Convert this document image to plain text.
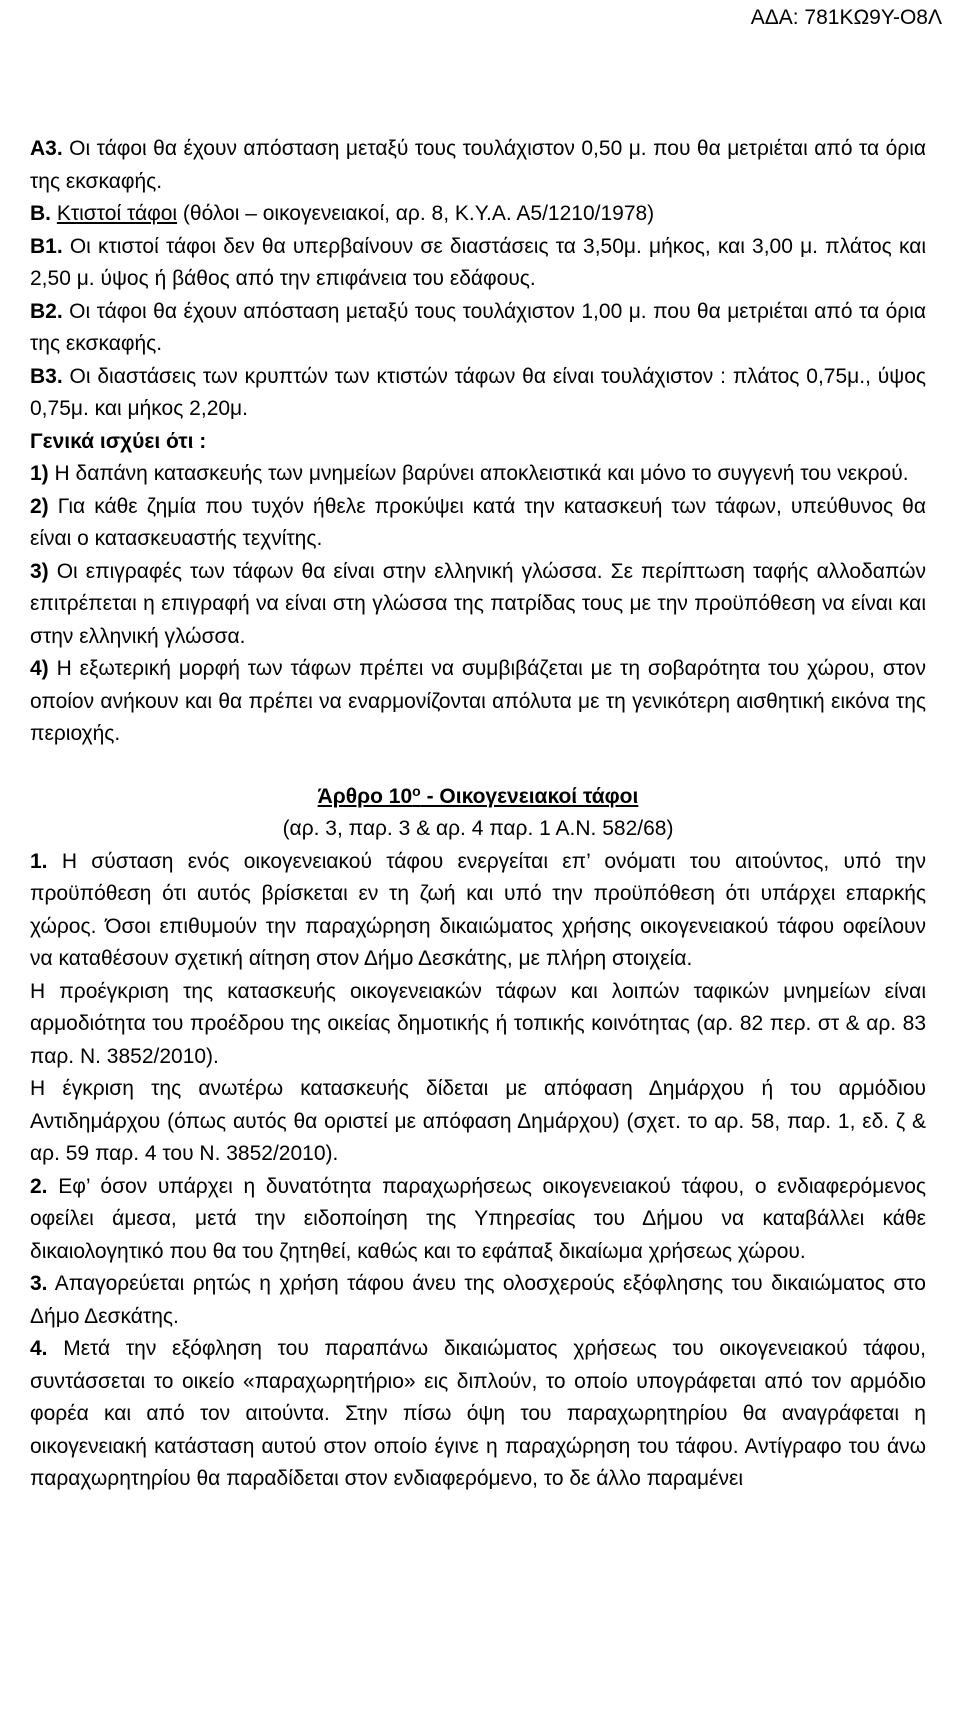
ΑΔΑ: 781ΚΩ9Υ-Ο8Λ

Α3. Οι τάφοι θα έχουν απόσταση μεταξύ τους τουλάχιστον 0,50 μ. που θα μετριέται από τα όρια της εκσκαφής.

Β. Κτιστοί τάφοι (θόλοι – οικογενειακοί, αρ. 8, Κ.Υ.Α. Α5/1210/1978)

Β1. Οι κτιστοί τάφοι δεν θα υπερβαίνουν σε διαστάσεις τα 3,50μ. μήκος, και 3,00 μ. πλάτος και 2,50 μ. ύψος ή βάθος από την επιφάνεια του εδάφους.

Β2. Οι τάφοι θα έχουν απόσταση μεταξύ τους τουλάχιστον 1,00 μ. που θα μετριέται από τα όρια της εκσκαφής.

Β3. Οι διαστάσεις των κρυπτών των κτιστών τάφων θα είναι τουλάχιστον : πλάτος 0,75μ., ύψος 0,75μ. και μήκος 2,20μ.

Γενικά ισχύει ότι :

1) Η δαπάνη κατασκευής των μνημείων βαρύνει αποκλειστικά και μόνο το συγγενή του νεκρού.

2) Για κάθε ζημία που τυχόν ήθελε προκύψει κατά την κατασκευή των τάφων, υπεύθυνος θα είναι ο κατασκευαστής τεχνίτης.

3) Οι επιγραφές των τάφων θα είναι στην ελληνική γλώσσα. Σε περίπτωση ταφής αλλοδαπών επιτρέπεται η επιγραφή να είναι στη γλώσσα της πατρίδας τους με την προϋπόθεση να είναι και στην ελληνική γλώσσα.

4) Η εξωτερική μορφή των τάφων πρέπει να συμβιβάζεται με τη σοβαρότητα του χώρου, στον οποίον ανήκουν και θα πρέπει να εναρμονίζονται απόλυτα με τη γενικότερη αισθητική εικόνα της περιοχής.

Άρθρο $10^o$ - Οικογενειακοί τάφοι

(αρ. 3, παρ. 3 & αρ. 4 παρ. 1 Α.Ν. 582/68)

1. Η σύσταση ενός οικογενειακού τάφου ενεργείται επ’ ονόματι του αιτούντος, υπό την προϋπόθεση ότι αυτός βρίσκεται εν τη ζωή και υπό την προϋπόθεση ότι υπάρχει επαρκής χώρος. Όσοι επιθυμούν την παραχώρηση δικαιώματος χρήσης οικογενειακού τάφου οφείλουν να καταθέσουν σχετική αίτηση στον Δήμο Δεσκάτης, με πλήρη στοιχεία.

Η προέγκριση της κατασκευής οικογενειακών τάφων και λοιπών ταφικών μνημείων είναι αρμοδιότητα του προέδρου της οικείας δημοτικής ή τοπικής κοινότητας (αρ. 82 περ. στ & αρ. 83 παρ. Ν. 3852/2010).

Η έγκριση της ανωτέρω κατασκευής δίδεται με απόφαση Δημάρχου ή του αρμόδιου Αντιδημάρχου (όπως αυτός θα οριστεί με απόφαση Δημάρχου) (σχετ. το αρ. 58, παρ. 1, εδ. ζ & αρ. 59 παρ. 4 του Ν. 3852/2010).

2. Εφ’ όσον υπάρχει η δυνατότητα παραχωρήσεως οικογενειακού τάφου, ο ενδιαφερόμενος οφείλει άμεσα, μετά την ειδοποίηση της Υπηρεσίας του Δήμου να καταβάλλει κάθε δικαιολογητικό που θα του ζητηθεί, καθώς και το εφάπαξ δικαίωμα χρήσεως χώρου.

3. Απαγορεύεται ρητώς η χρήση τάφου άνευ της ολοσχερούς εξόφλησης του δικαιώματος στο Δήμο Δεσκάτης.

4. Μετά την εξόφληση του παραπάνω δικαιώματος χρήσεως του οικογενειακού τάφου, συντάσσεται το οικείο «παραχωρητήριο» εις διπλούν, το οποίο υπογράφεται από τον αρμόδιο φορέα και από τον αιτούντα. Στην πίσω όψη του παραχωρητηρίου θα αναγράφεται η οικογενειακή κατάσταση αυτού στον οποίο έγινε η παραχώρηση του τάφου. Αντίγραφο του άνω παραχωρητηρίου θα παραδίδεται στον ενδιαφερόμενο, το δε άλλο παραμένει
